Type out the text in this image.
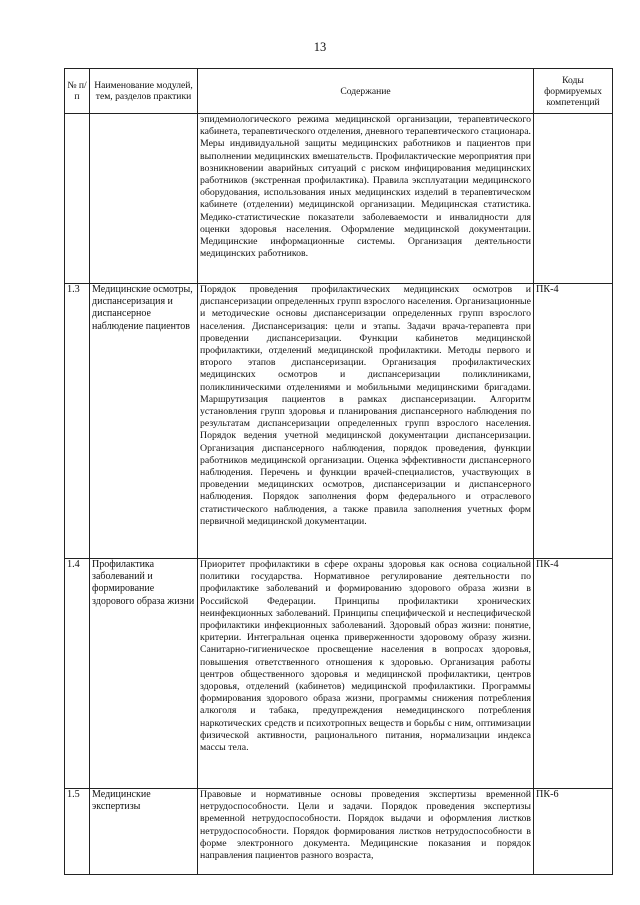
13
№ п/п	Наименование модулей, тем, разделов практики	Содержание	Коды формируемых компетенций
		эпидемиологического режима медицинской организации, терапевтического кабинета, терапевтического отделения, дневного терапевтического стационара. Меры индивидуальной защиты медицинских работников и пациентов при выполнении медицинских вмешательств. Профилактические мероприятия при возникновении аварийных ситуаций с риском инфицирования медицинских работников (экстренная профилактика). Правила эксплуатации медицинского оборудования, использования иных медицинских изделий в терапевтическом кабинете (отделении) медицинской организации. Медицинская статистика. Медико-статистические показатели заболеваемости и инвалидности для оценки здоровья населения. Оформление медицинской документации. Медицинские информационные системы. Организация деятельности медицинских работников.	
1.3	Медицинские осмотры, диспансеризация и диспансерное наблюдение пациентов	Порядок проведения профилактических медицинских осмотров и диспансеризации определенных групп взрослого населения. Организационные и методические основы диспансеризации определенных групп взрослого населения. Диспансеризация: цели и этапы. Задачи врача-терапевта при проведении диспансеризации. Функции кабинетов медицинской профилактики, отделений медицинской профилактики. Методы первого и второго этапов диспансеризации. Организация профилактических медицинских осмотров и диспансеризации поликлиниками, поликлиническими отделениями и мобильными медицинскими бригадами. Маршрутизация пациентов в рамках диспансеризации. Алгоритм установления групп здоровья и планирования диспансерного наблюдения по результатам диспансеризации определенных групп взрослого населения. Порядок ведения учетной медицинской документации диспансеризации. Организация диспансерного наблюдения, порядок проведения, функции работников медицинской организации. Оценка эффективности диспансерного наблюдения. Перечень и функции врачей-специалистов, участвующих в проведении медицинских осмотров, диспансеризации и диспансерного наблюдения. Порядок заполнения форм федерального и отраслевого статистического наблюдения, а также правила заполнения учетных форм первичной медицинской документации.	ПК-4
1.4	Профилактика заболеваний и формирование здорового образа жизни	Приоритет профилактики в сфере охраны здоровья как основа социальной политики государства. Нормативное регулирование деятельности по профилактике заболеваний и формированию здорового образа жизни в Российской Федерации. Принципы профилактики хронических неинфекционных заболеваний. Принципы специфической и неспецифической профилактики инфекционных заболеваний. Здоровый образ жизни: понятие, критерии. Интегральная оценка приверженности здоровому образу жизни. Санитарно-гигиеническое просвещение населения в вопросах здоровья, повышения ответственного отношения к здоровью. Организация работы центров общественного здоровья и медицинской профилактики, центров здоровья, отделений (кабинетов) медицинской профилактики. Программы формирования здорового образа жизни, программы снижения потребления алкоголя и табака, предупреждения немедицинского потребления наркотических средств и психотропных веществ и борьбы с ним, оптимизации физической активности, рационального питания, нормализации индекса массы тела.	ПК-4
1.5	Медицинские экспертизы	Правовые и нормативные основы проведения экспертизы временной нетрудоспособности. Цели и задачи. Порядок проведения экспертизы временной нетрудоспособности. Порядок выдачи и оформления листков нетрудоспособности. Порядок формирования листков нетрудоспособности в форме электронного документа. Медицинские показания и порядок направления пациентов разного возраста,	ПК-6
